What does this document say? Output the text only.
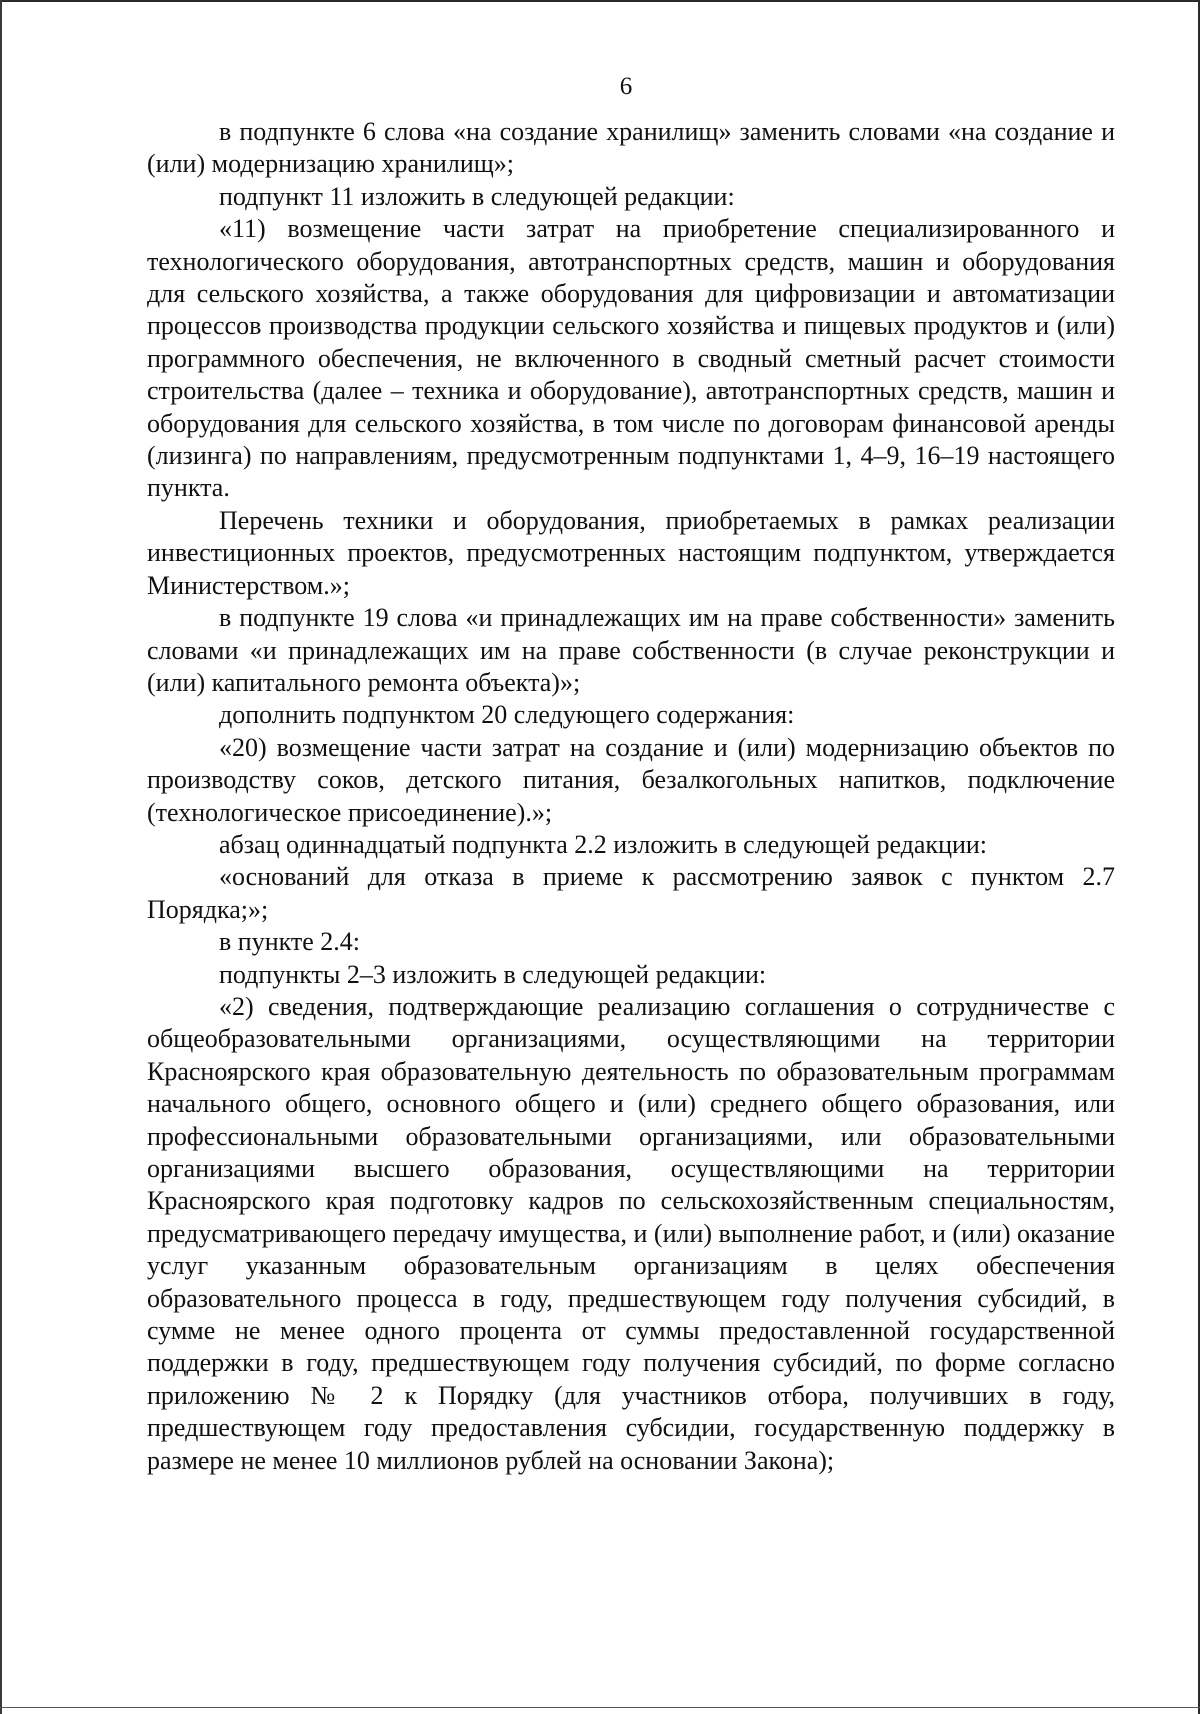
6

в подпункте 6 слова «на создание хранилищ» заменить словами «на создание и (или) модернизацию хранилищ»;

подпункт 11 изложить в следующей редакции:

«11) возмещение части затрат на приобретение специализированного и технологического оборудования, автотранспортных средств, машин и оборудования для сельского хозяйства, а также оборудования для цифровизации и автоматизации процессов производства продукции сельского хозяйства и пищевых продуктов и (или) программного обеспечения, не включенного в сводный сметный расчет стоимости строительства (далее – техника и оборудование), автотранспортных средств, машин и оборудования для сельского хозяйства, в том числе по договорам финансовой аренды (лизинга) по направлениям, предусмотренным подпунктами 1, 4–9, 16–19 настоящего пункта.

Перечень техники и оборудования, приобретаемых в рамках реализации инвестиционных проектов, предусмотренных настоящим подпунктом, утверждается Министерством.»;

в подпункте 19 слова «и принадлежащих им на праве собственности» заменить словами «и принадлежащих им на праве собственности (в случае реконструкции и (или) капитального ремонта объекта)»;

дополнить подпунктом 20 следующего содержания:

«20) возмещение части затрат на создание и (или) модернизацию объектов по производству соков, детского питания, безалкогольных напитков, подключение (технологическое присоединение).»;

абзац одиннадцатый подпункта 2.2 изложить в следующей редакции:

«оснований для отказа в приеме к рассмотрению заявок с пунктом 2.7 Порядка;»;

в пункте 2.4:

подпункты 2–3 изложить в следующей редакции:

«2) сведения, подтверждающие реализацию соглашения о сотрудничестве с общеобразовательными организациями, осуществляющими на территории Красноярского края образовательную деятельность по образовательным программам начального общего, основного общего и (или) среднего общего образования, или профессиональными образовательными организациями, или образовательными организациями высшего образования, осуществляющими на территории Красноярского края подготовку кадров по сельскохозяйственным специальностям, предусматривающего передачу имущества, и (или) выполнение работ, и (или) оказание услуг указанным образовательным организациям в целях обеспечения образовательного процесса в году, предшествующем году получения субсидий, в сумме не менее одного процента от суммы предоставленной государственной поддержки в году, предшествующем году получения субсидий, по форме согласно приложению № 2 к Порядку (для участников отбора, получивших в году, предшествующем году предоставления субсидии, государственную поддержку в размере не менее 10 миллионов рублей на основании Закона);
